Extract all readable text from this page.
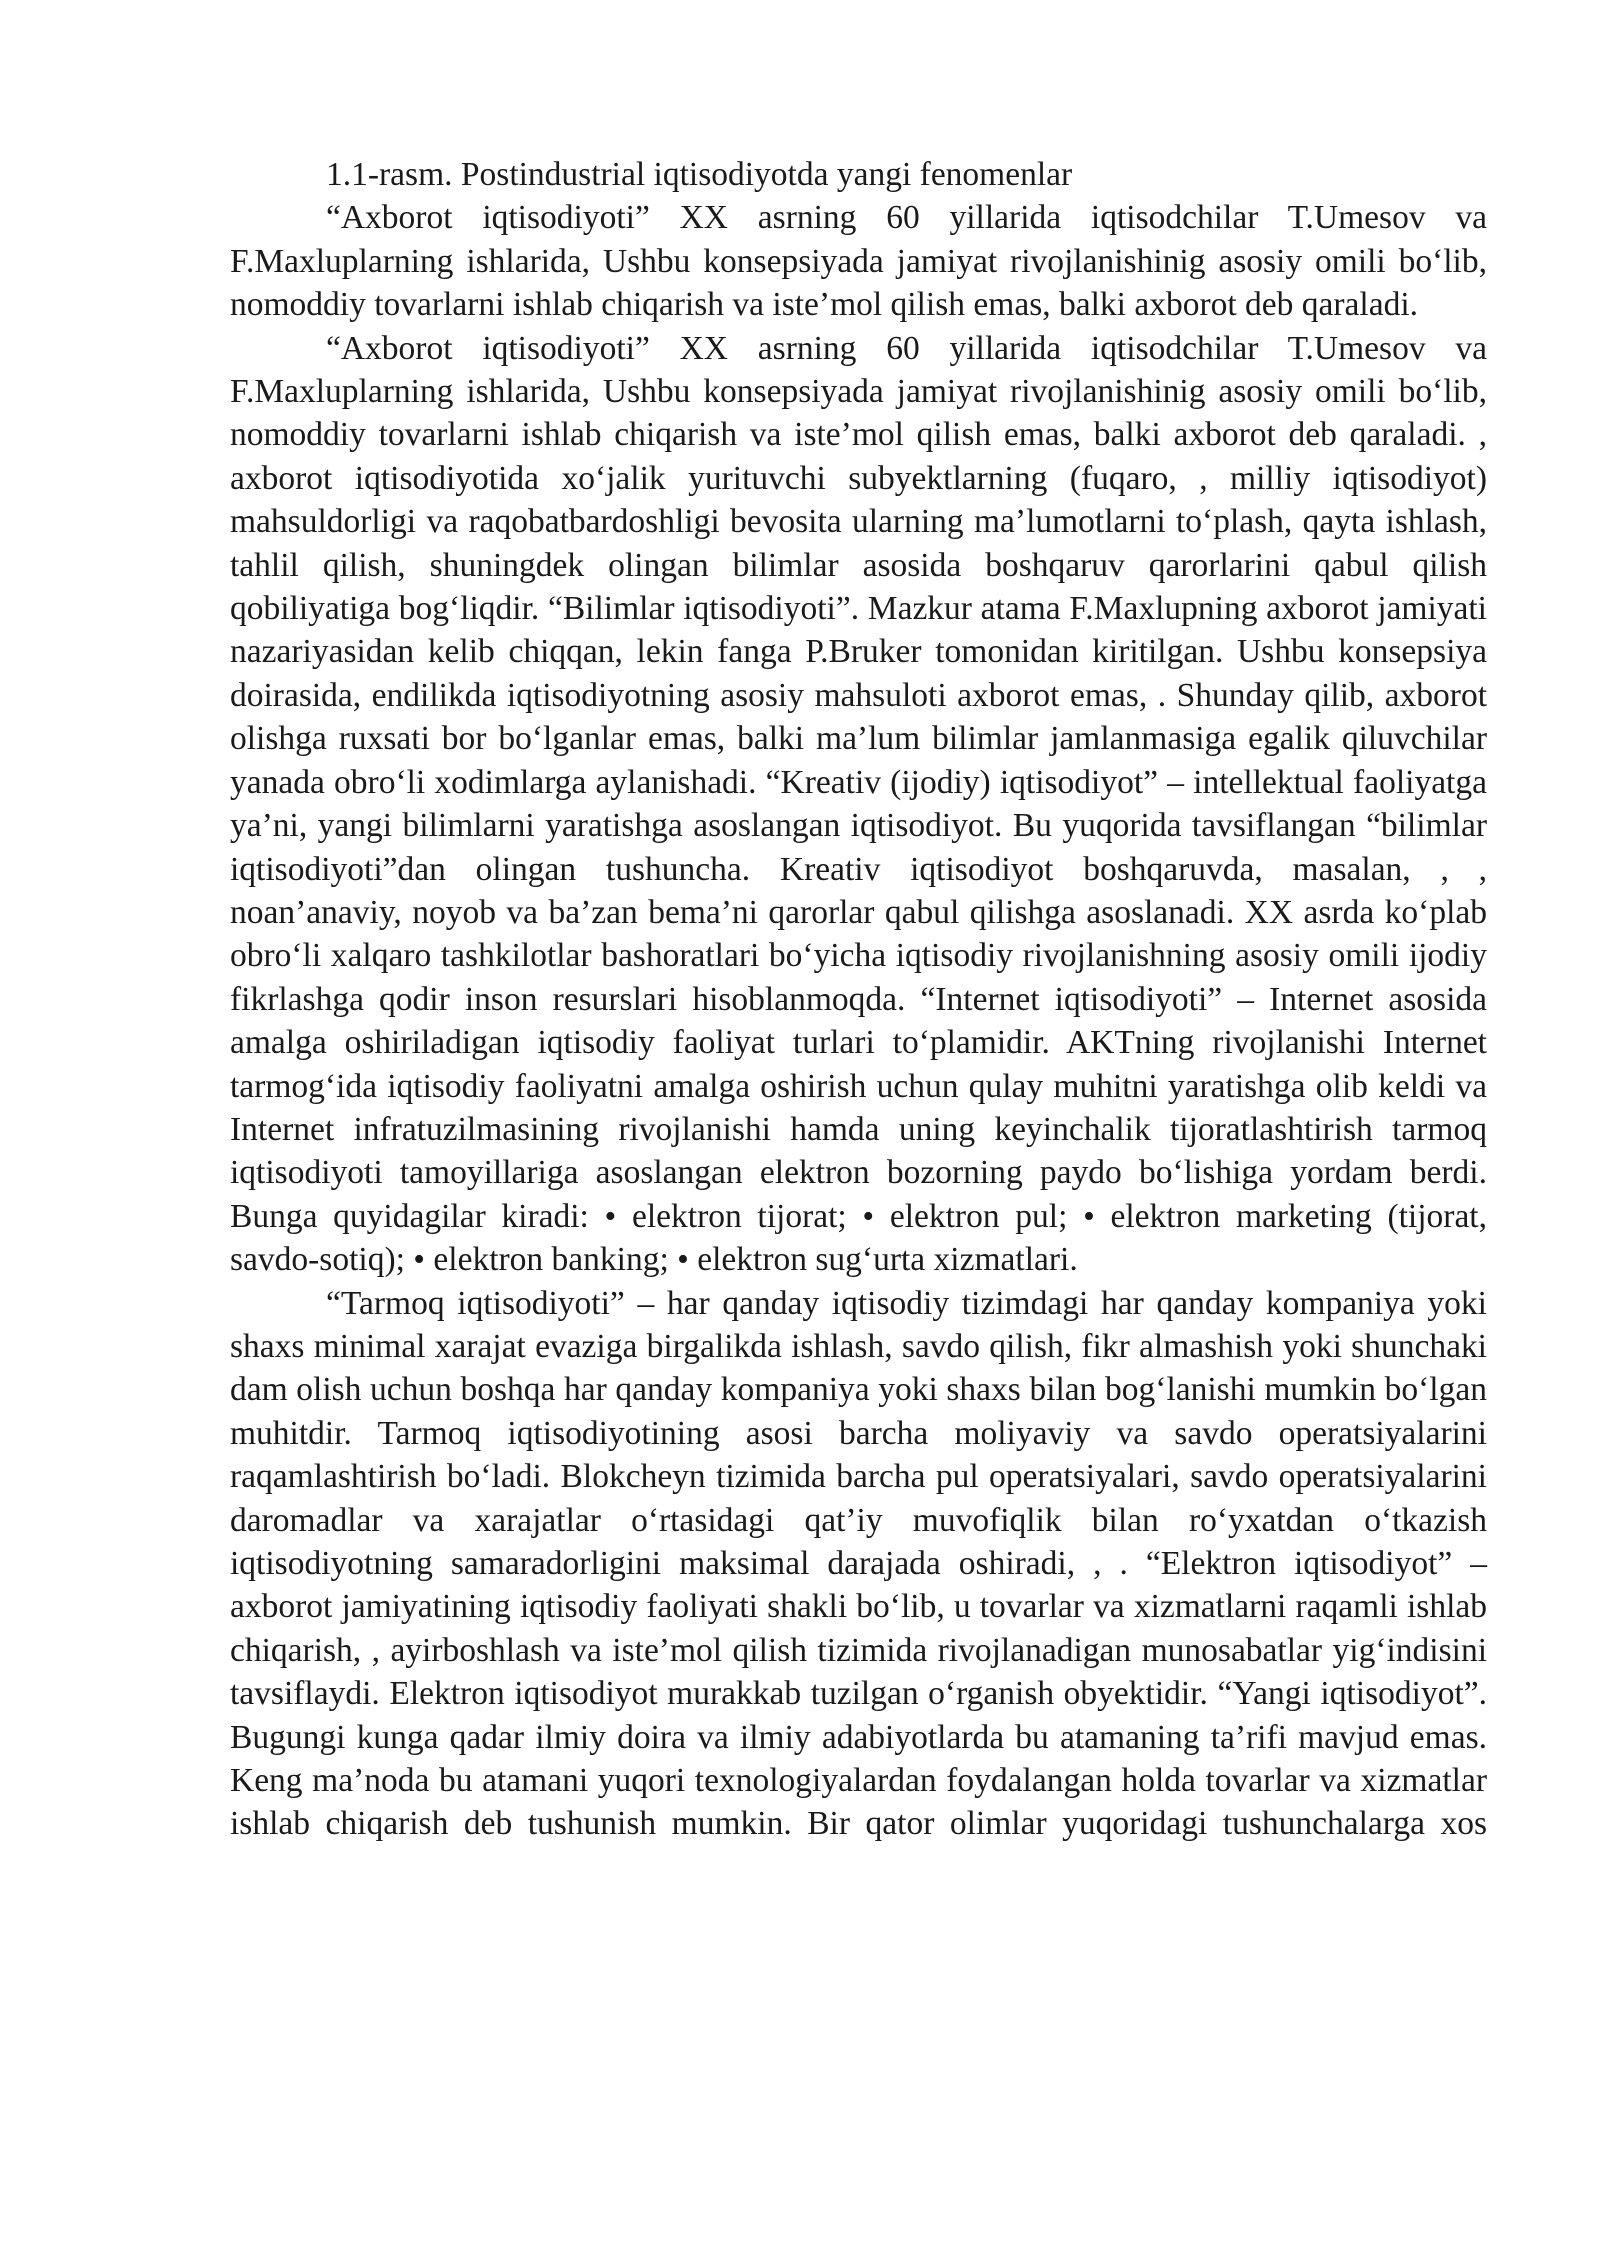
1.1-rasm. Postindustrial iqtisodiyotda yangi fenomenlar

“Axborot iqtisodiyoti” XX asrning 60 yillarida iqtisodchilar T.Umesov va F.Maxluplarning ishlarida, Ushbu konsepsiyada jamiyat rivojlanishinig asosiy omili bo‘lib, nomoddiy tovarlarni ishlab chiqarish va iste’mol qilish emas, balki axborot deb qaraladi.

“Axborot iqtisodiyoti” XX asrning 60 yillarida iqtisodchilar T.Umesov va F.Maxluplarning ishlarida, Ushbu konsepsiyada jamiyat rivojlanishinig asosiy omili bo‘lib, nomoddiy tovarlarni ishlab chiqarish va iste’mol qilish emas, balki axborot deb qaraladi. , axborot iqtisodiyotida xo‘jalik yurituvchi subyektlarning (fuqaro, , milliy iqtisodiyot) mahsuldorligi va raqobatbardoshligi bevosita ularning ma’lumotlarni to‘plash, qayta ishlash, tahlil qilish, shuningdek olingan bilimlar asosida boshqaruv qarorlarini qabul qilish qobiliyatiga bog‘liqdir. “Bilimlar iqtisodiyoti”. Mazkur atama F.Maxlupning axborot jamiyati nazariyasidan kelib chiqqan, lekin fanga P.Bruker tomonidan kiritilgan. Ushbu konsepsiya doirasida, endilikda iqtisodiyotning asosiy mahsuloti axborot emas, . Shunday qilib, axborot olishga ruxsati bor bo‘lganlar emas, balki ma’lum bilimlar jamlanmasiga egalik qiluvchilar yanada obro‘li xodimlarga aylanishadi. “Kreativ (ijodiy) iqtisodiyot” – intellektual faoliyatga ya’ni, yangi bilimlarni yaratishga asoslangan iqtisodiyot. Bu yuqorida tavsiflangan “bilimlar iqtisodiyoti”dan olingan tushuncha. Kreativ iqtisodiyot boshqaruvda, masalan, , , noan’anaviy, noyob va ba’zan bema’ni qarorlar qabul qilishga asoslanadi. XX asrda ko‘plab obro‘li xalqaro tashkilotlar bashoratlari bo‘yicha iqtisodiy rivojlanishning asosiy omili ijodiy fikrlashga qodir inson resurslari hisoblanmoqda. “Internet iqtisodiyoti” – Internet asosida amalga oshiriladigan iqtisodiy faoliyat turlari to‘plamidir. AKTning rivojlanishi Internet tarmog‘ida iqtisodiy faoliyatni amalga oshirish uchun qulay muhitni yaratishga olib keldi va Internet infratuzilmasining rivojlanishi hamda uning keyinchalik tijoratlashtirish tarmoq iqtisodiyoti tamoyillariga asoslangan elektron bozorning paydo bo‘lishiga yordam berdi. Bunga quyidagilar kiradi: • elektron tijorat; • elektron pul; • elektron marketing (tijorat, savdo-sotiq); • elektron banking; • elektron sug‘urta xizmatlari.

“Tarmoq iqtisodiyoti” – har qanday iqtisodiy tizimdagi har qanday kompaniya yoki shaxs minimal xarajat evaziga birgalikda ishlash, savdo qilish, fikr almashish yoki shunchaki dam olish uchun boshqa har qanday kompaniya yoki shaxs bilan bog‘lanishi mumkin bo‘lgan muhitdir. Tarmoq iqtisodiyotining asosi barcha moliyaviy va savdo operatsiyalarini raqamlashtirish bo‘ladi. Blokcheyn tizimida barcha pul operatsiyalari, savdo operatsiyalarini daromadlar va xarajatlar o‘rtasidagi qat’iy muvofiqlik bilan ro‘yxatdan o‘tkazish iqtisodiyotning samaradorligini maksimal darajada oshiradi, , . “Elektron iqtisodiyot” – axborot jamiyatining iqtisodiy faoliyati shakli bo‘lib, u tovarlar va xizmatlarni raqamli ishlab chiqarish, , ayirboshlash va iste’mol qilish tizimida rivojlanadigan munosabatlar yig‘indisini tavsiflaydi. Elektron iqtisodiyot murakkab tuzilgan o‘rganish obyektidir. “Yangi iqtisodiyot”. Bugungi kunga qadar ilmiy doira va ilmiy adabiyotlarda bu atamaning ta’rifi mavjud emas. Keng ma’noda bu atamani yuqori texnologiyalardan foydalangan holda tovarlar va xizmatlar ishlab chiqarish deb tushunish mumkin. Bir qator olimlar yuqoridagi tushunchalarga xos
